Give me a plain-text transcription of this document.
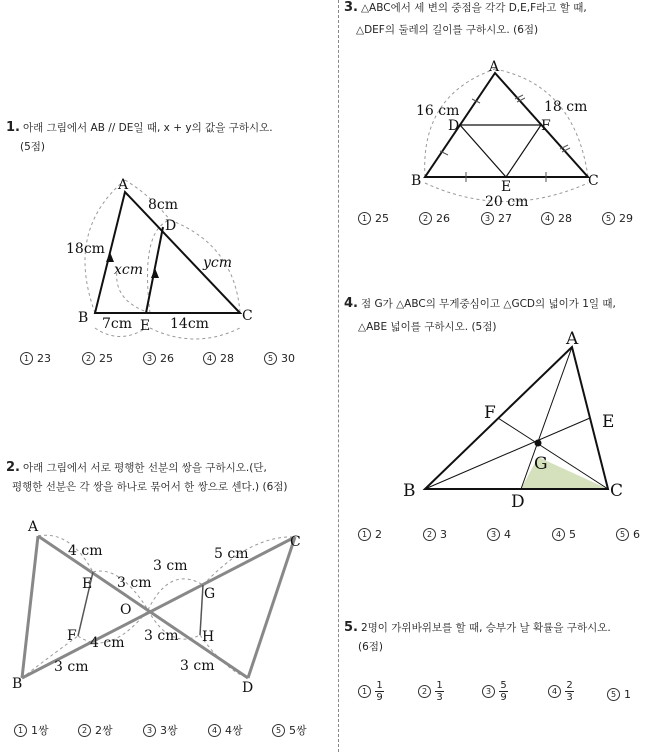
1. 아래 그림에서 AB // DE일 때, x + y의 값을 구하시오.
(5점)
A
B	C
D
E
18cm
8cm
xcm	ycm
7cm	14cm
1 23	2 25	3 26	4 28	5 30
2. 아래 그림에서 서로 평행한 선분의 쌍을 구하시오.(단,
평행한 선분은 각 쌍을 하나로 묶어서 한 쌍으로 센다.) (6점)
A
B
C
D
E
F
G
H
O
4 cm
3 cm
3 cm
5 cm
4 cm 3 cm
3 cm	3 cm
1 1쌍	2 2쌍	3 3쌍	4 4쌍	5 5쌍
3. △ABC에서 세 변의 중점을 각각 D,E,F라고 할 때,
△DEF의 둘레의 길이를 구하시오. (6점)
A
B	C
D
E
F
16 cm	18 cm
20 cm
1 25	2 26	3 27	4 28	5 29
4. 점 G가 △ABC의 무게중심이고 △GCD의 넓이가 1일 때,
△ABE 넓이를 구하시오. (5점)
A
B	C
D
E
F
G
1 2	2 3	3 4	4 5	5 6
5. 2명이 가위바위보를 할 때, 승부가 날 확률을 구하시오.
(6점)
$1 \frac{1}{9}$	$2 \frac{1}{3}$	$3 \frac{5}{9}$	$4 \frac{2}{3}$	5 1
